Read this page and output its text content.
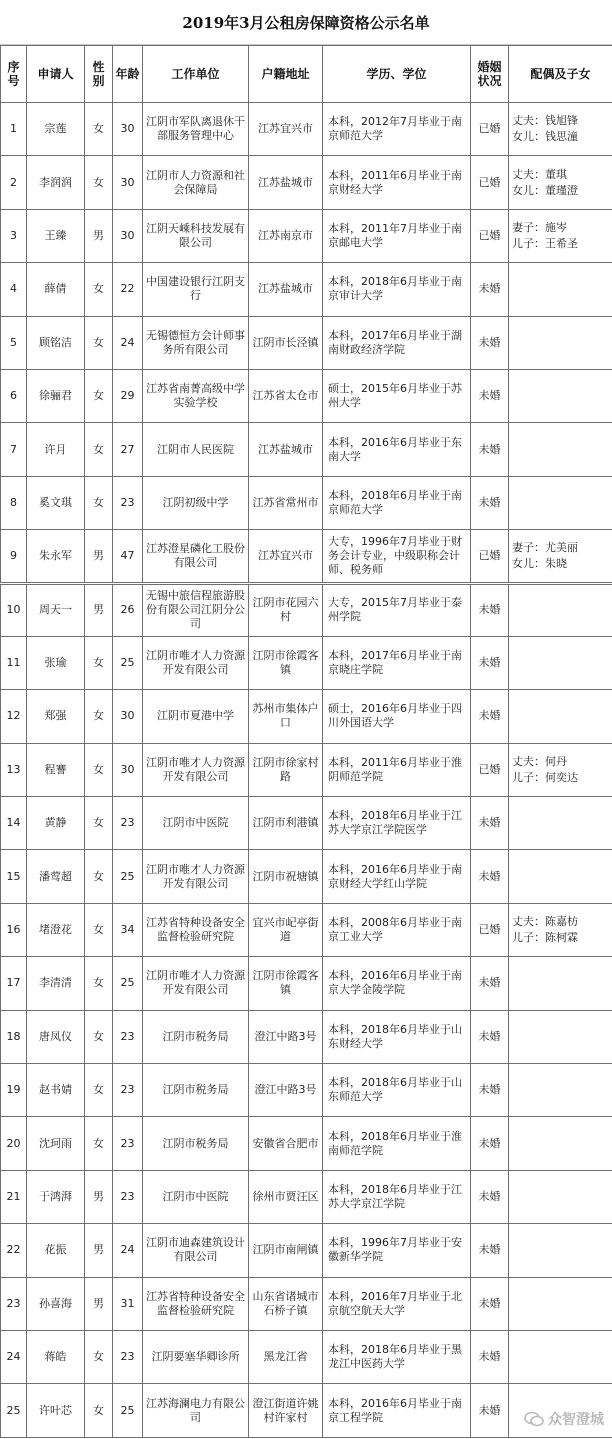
2019年3月公租房保障资格公示名单
序号	申请人	性别	年龄	工作单位	户籍地址	学历、学位	婚姻状况	配偶及子女
1	宗莲	女	30	江阴市军队离退休干部服务管理中心	江苏宜兴市	本科，2012年7月毕业于南京师范大学	已婚	丈夫：钱旭锋
女儿：钱思潼

2	李润润	女	30	江阴市人力资源和社会保障局	江苏盐城市	本科，2011年6月毕业于南京财经大学	已婚	丈夫：董琪
女儿：董瑾澄

3	王臻	男	30	江阴天嵊科技发展有限公司	江苏南京市	本科，2011年7月毕业于南京邮电大学	已婚	妻子：施岑
儿子：王希圣

4	薛倩	女	22	中国建设银行江阴支行	江苏盐城市	本科，2018年6月毕业于南京审计大学	未婚	
5	顾铭洁	女	24	无锡德恒方会计师事务所有限公司	江阴市长泾镇	本科，2017年6月毕业于湖南财政经济学院	未婚	
6	徐骊君	女	29	江苏省南菁高级中学实验学校	江苏省太仓市	硕士，2015年6月毕业于苏州大学	未婚	
7	许月	女	27	江阴市人民医院	江苏盐城市	本科，2016年6月毕业于东南大学	未婚	
8	奚文琪	女	23	江阴初级中学	江苏省常州市	本科，2018年6月毕业于南京师范大学	未婚	
9	朱永军	男	47	江苏澄星磷化工股份有限公司	江苏宜兴市	大专，1996年7月毕业于财务会计专业，中级职称会计师、税务师	已婚	妻子：尤美丽
女儿：朱晓

10	周天一	男	26	无锡中旅信程旅游股份有限公司江阴分公司	江阴市花园六村	大专，2015年7月毕业于泰州学院	未婚	
11	张瑜	女	25	江阴市唯才人力资源开发有限公司	江阴市徐霞客镇	本科，2017年6月毕业于南京晓庄学院	未婚	
12	郑强	女	30	江阴市夏港中学	苏州市集体户口	硕士，2016年6月毕业于四川外国语大学	未婚	
13	程謇	女	30	江阴市唯才人力资源开发有限公司	江阴市徐家村路	本科，2011年6月毕业于淮阴师范学院	已婚	丈夫：何丹
儿子：何奕达

14	黄静	女	23	江阴市中医院	江阴市利港镇	本科，2018年6月毕业于江苏大学京江学院医学	未婚	
15	潘莺超	女	25	江阴市唯才人力资源开发有限公司	江阴市祝塘镇	本科，2016年6月毕业于南京财经大学红山学院	未婚	
16	堵澄花	女	34	江苏省特种设备安全监督检验研究院	宜兴市屺亭街道	本科，2008年6月毕业于南京工业大学	已婚	丈夫：陈嘉枋
儿子：陈柯霖

17	李清清	女	25	江阴市唯才人力资源开发有限公司	江阴市徐霞客镇	本科，2016年6月毕业于南京大学金陵学院	未婚	
18	唐凤仪	女	23	江阴市税务局	澄江中路3号	本科，2018年6月毕业于山东财经大学	未婚	
19	赵书婧	女	23	江阴市税务局	澄江中路3号	本科，2018年6月毕业于山东师范大学	未婚	
20	沈珂雨	女	23	江阴市税务局	安徽省合肥市	本科，2018年6月毕业于淮南师范学院	未婚	
21	于鸿湃	男	23	江阴市中医院	徐州市贾汪区	本科，2018年6月毕业于江苏大学京江学院	未婚	
22	花振	男	24	江阴市迪森建筑设计有限公司	江阴市南闸镇	本科，1996年7月毕业于安徽新华学院	未婚	
23	孙喜海	男	31	江苏省特种设备安全监督检验研究院	山东省诸城市石桥子镇	本科，2016年7月毕业于北京航空航天大学	未婚	
24	蒋皓	女	23	江阴要塞华卿诊所	黑龙江省	本科，2018年6月毕业于黑龙江中医药大学	未婚	
25	许叶芯	女	25	江苏海澜电力有限公司	澄江街道许姚村许家村	本科，2016年6月毕业于南京工程学院	未婚	
众智澄城
